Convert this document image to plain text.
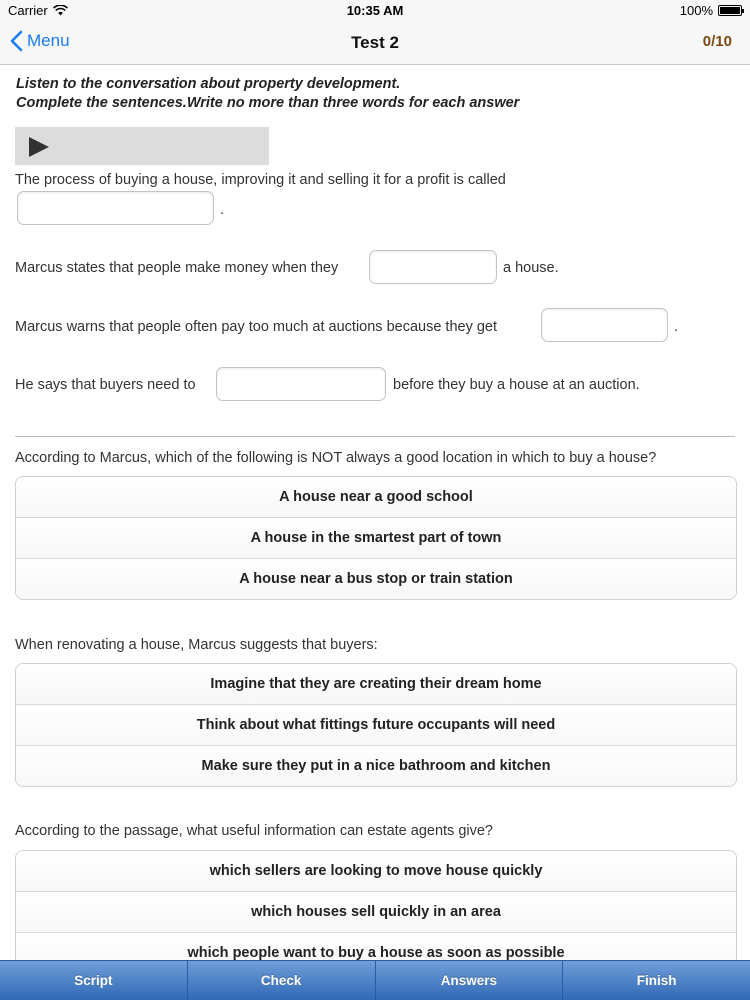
Carrier	10:35 AM	100%
Menu	Test 2	0/10
Listen to the conversation about property development.
Complete the sentences.Write no more than three words for each answer
The process of buying a house, improving it and selling it for a profit is called
.
Marcus states that people make money when they	a house.
Marcus warns that people often pay too much at auctions because they get	.
He says that buyers need to	before they buy a house at an auction.
According to Marcus, which of the following is NOT always a good location in which to buy a house?
A house near a good school
A house in the smartest part of town
A house near a bus stop or train station
When renovating a house, Marcus suggests that buyers:
Imagine that they are creating their dream home
Think about what fittings future occupants will need
Make sure they put in a nice bathroom and kitchen
According to the passage, what useful information can estate agents give?
which sellers are looking to move house quickly
which houses sell quickly in an area
which people want to buy a house as soon as possible
Script	Check	Answers	Finish
